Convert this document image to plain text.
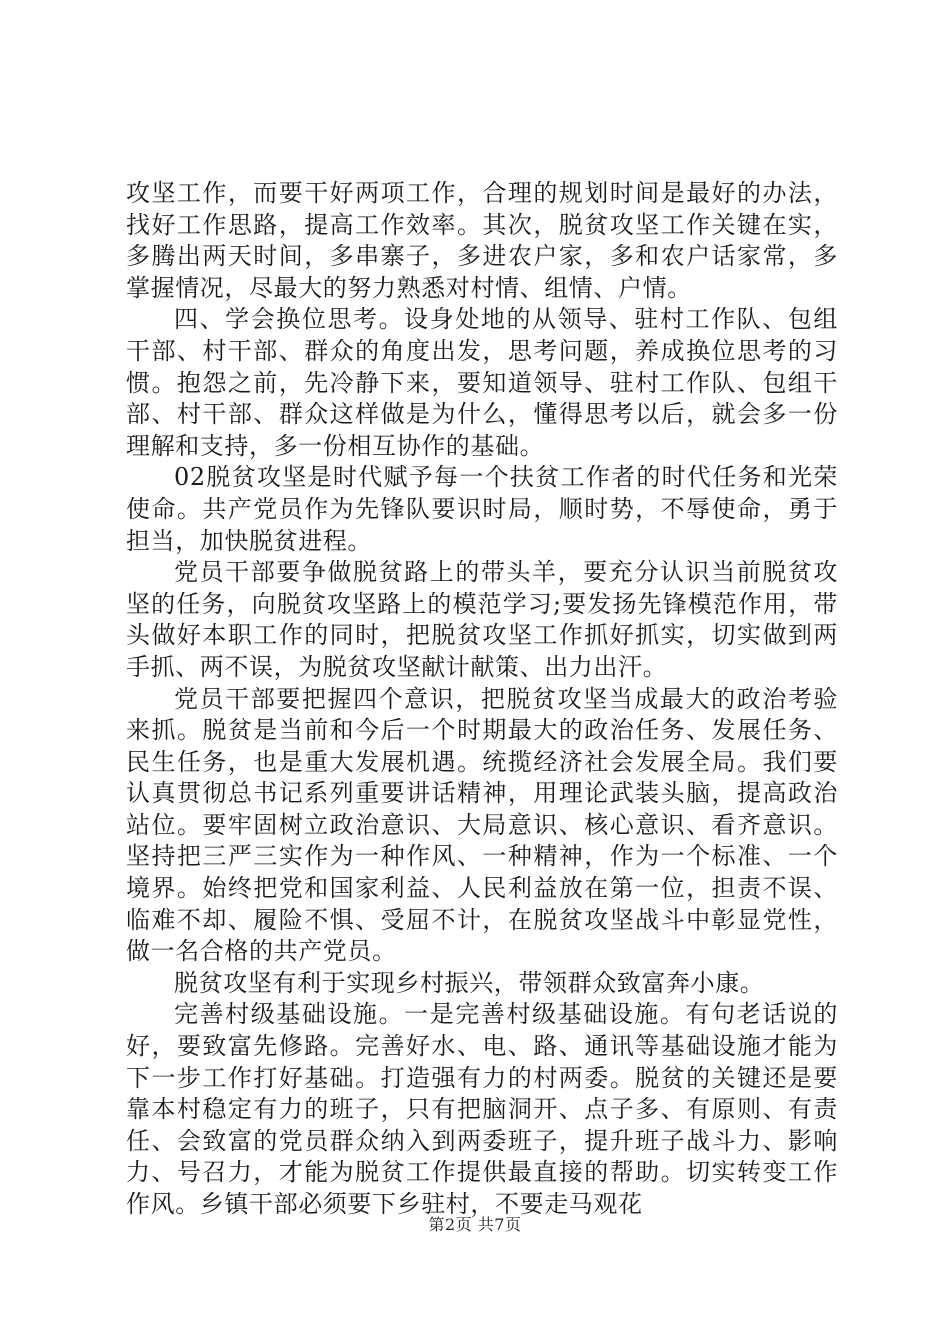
攻坚工作，而要干好两项工作，合理的规划时间是最好的办法，找好工作思路，提高工作效率。其次，脱贫攻坚工作关键在实，多腾出两天时间，多串寨子，多进农户家，多和农户话家常，多掌握情况，尽最大的努力熟悉对村情、组情、户情。

四、学会换位思考。设身处地的从领导、驻村工作队、包组干部、村干部、群众的角度出发，思考问题，养成换位思考的习惯。抱怨之前，先冷静下来，要知道领导、驻村工作队、包组干部、村干部、群众这样做是为什么，懂得思考以后，就会多一份理解和支持，多一份相互协作的基础。

02脱贫攻坚是时代赋予每一个扶贫工作者的时代任务和光荣使命。共产党员作为先锋队要识时局，顺时势，不辱使命，勇于担当，加快脱贫进程。

党员干部要争做脱贫路上的带头羊，要充分认识当前脱贫攻坚的任务，向脱贫攻坚路上的模范学习;要发扬先锋模范作用，带头做好本职工作的同时，把脱贫攻坚工作抓好抓实，切实做到两手抓、两不误，为脱贫攻坚献计献策、出力出汗。

党员干部要把握四个意识，把脱贫攻坚当成最大的政治考验来抓。脱贫是当前和今后一个时期最大的政治任务、发展任务、民生任务，也是重大发展机遇。统揽经济社会发展全局。我们要认真贯彻总书记系列重要讲话精神，用理论武装头脑，提高政治站位。要牢固树立政治意识、大局意识、核心意识、看齐意识。坚持把三严三实作为一种作风、一种精神，作为一个标准、一个境界。始终把党和国家利益、人民利益放在第一位，担责不误、临难不却、履险不惧、受屈不计，在脱贫攻坚战斗中彰显党性，做一名合格的共产党员。

脱贫攻坚有利于实现乡村振兴，带领群众致富奔小康。

完善村级基础设施。一是完善村级基础设施。有句老话说的好，要致富先修路。完善好水、电、路、通讯等基础设施才能为下一步工作打好基础。打造强有力的村两委。脱贫的关键还是要靠本村稳定有力的班子，只有把脑洞开、点子多、有原则、有责任、会致富的党员群众纳入到两委班子，提升班子战斗力、影响力、号召力，才能为脱贫工作提供最直接的帮助。切实转变工作作风。乡镇干部必须要下乡驻村，不要走马观花

第2页 共7页
